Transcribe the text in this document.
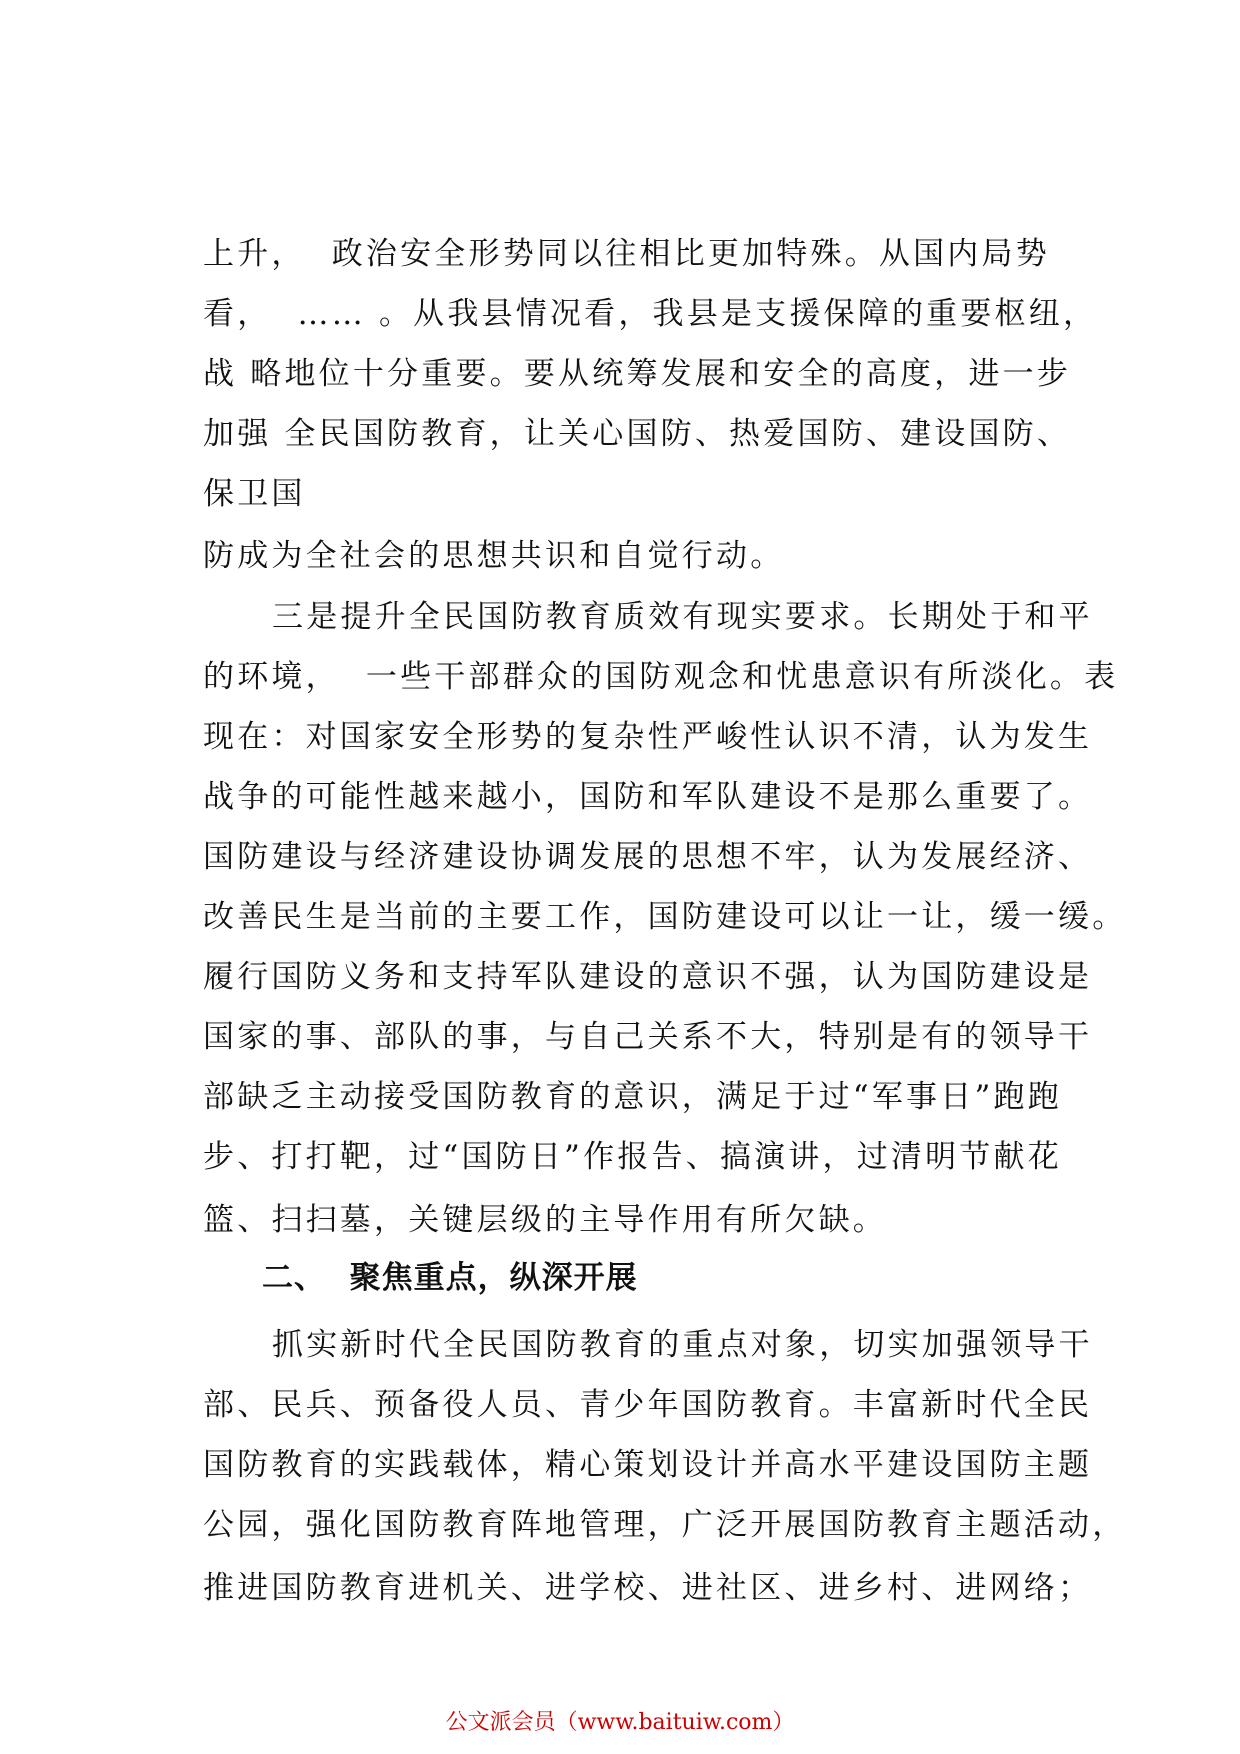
上升，  政治安全形势同以往相比更加特殊。从国内局势
看，  …… 。从我县情况看，我县是支援保障的重要枢纽，
战 略地位十分重要。要从统筹发展和安全的高度，进一步
加强 全民国防教育，让关心国防、热爱国防、建设国防、
保卫国
防成为全社会的思想共识和自觉行动。
三是提升全民国防教育质效有现实要求。长期处于和平
的环境，  一些干部群众的国防观念和忧患意识有所淡化。表
现在：对国家安全形势的复杂性严峻性认识不清，认为发生
战争的可能性越来越小，国防和军队建设不是那么重要了。
国防建设与经济建设协调发展的思想不牢，认为发展经济、
改善民生是当前的主要工作，国防建设可以让一让，缓一缓。
履行国防义务和支持军队建设的意识不强，认为国防建设是
国家的事、部队的事，与自己关系不大，特别是有的领导干
部缺乏主动接受国防教育的意识，满足于过“军事日”跑跑
步、打打靶，过“国防日”作报告、搞演讲，过清明节献花
篮、扫扫墓，关键层级的主导作用有所欠缺。
二、  聚焦重点，纵深开展
抓实新时代全民国防教育的重点对象，切实加强领导干
部、民兵、预备役人员、青少年国防教育。丰富新时代全民
国防教育的实践载体，精心策划设计并高水平建设国防主题
公园，强化国防教育阵地管理，广泛开展国防教育主题活动，
推进国防教育进机关、进学校、进社区、进乡村、进网络；
公文派会员（www.baituiw.com）
